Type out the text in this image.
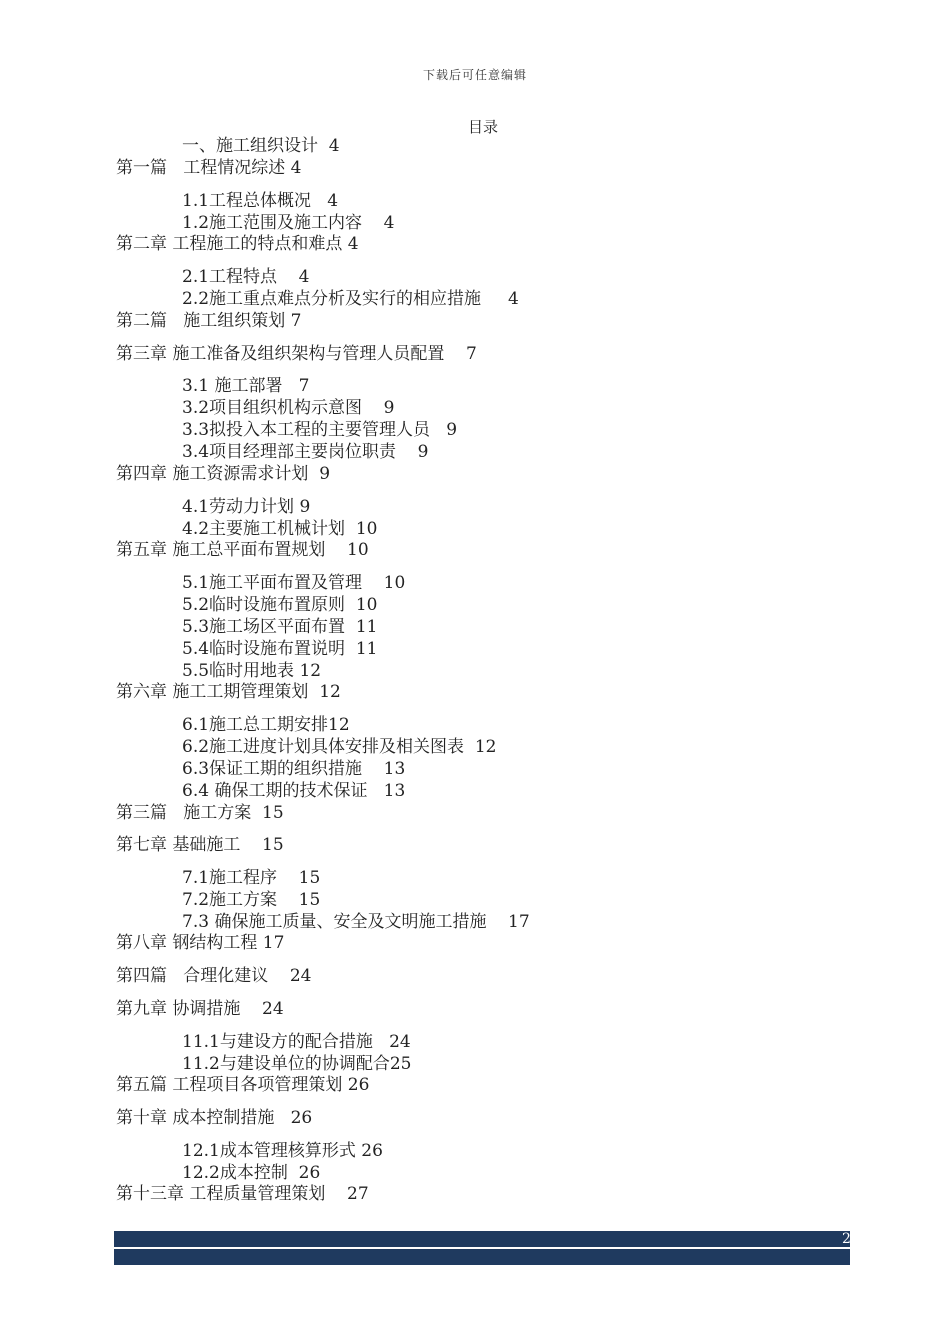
下载后可任意编辑
目录
一、施工组织设计  4
第一篇   工程情况综述 4
1.1工程总体概况   4
1.2施工范围及施工内容    4
第二章 工程施工的特点和难点 4
2.1工程特点    4
2.2施工重点难点分析及实行的相应措施     4
第二篇   施工组织策划 7
第三章 施工准备及组织架构与管理人员配置    7
3.1 施工部署   7
3.2项目组织机构示意图    9
3.3拟投入本工程的主要管理人员   9
3.4项目经理部主要岗位职责    9
第四章 施工资源需求计划  9
4.1劳动力计划 9
4.2主要施工机械计划  10
第五章 施工总平面布置规划    10
5.1施工平面布置及管理    10
5.2临时设施布置原则  10
5.3施工场区平面布置  11
5.4临时设施布置说明  11
5.5临时用地表 12
第六章 施工工期管理策划  12
6.1施工总工期安排12
6.2施工进度计划具体安排及相关图表  12
6.3保证工期的组织措施    13
6.4 确保工期的技术保证   13
第三篇   施工方案  15
第七章 基础施工    15
7.1施工程序    15
7.2施工方案    15
7.3 确保施工质量、安全及文明施工措施    17
第八章 钢结构工程 17
第四篇   合理化建议    24
第九章 协调措施    24
11.1与建设方的配合措施   24
11.2与建设单位的协调配合25
第五篇 工程项目各项管理策划 26
第十章 成本控制措施   26
12.1成本管理核算形式 26
12.2成本控制  26
第十三章 工程质量管理策划    27
2
